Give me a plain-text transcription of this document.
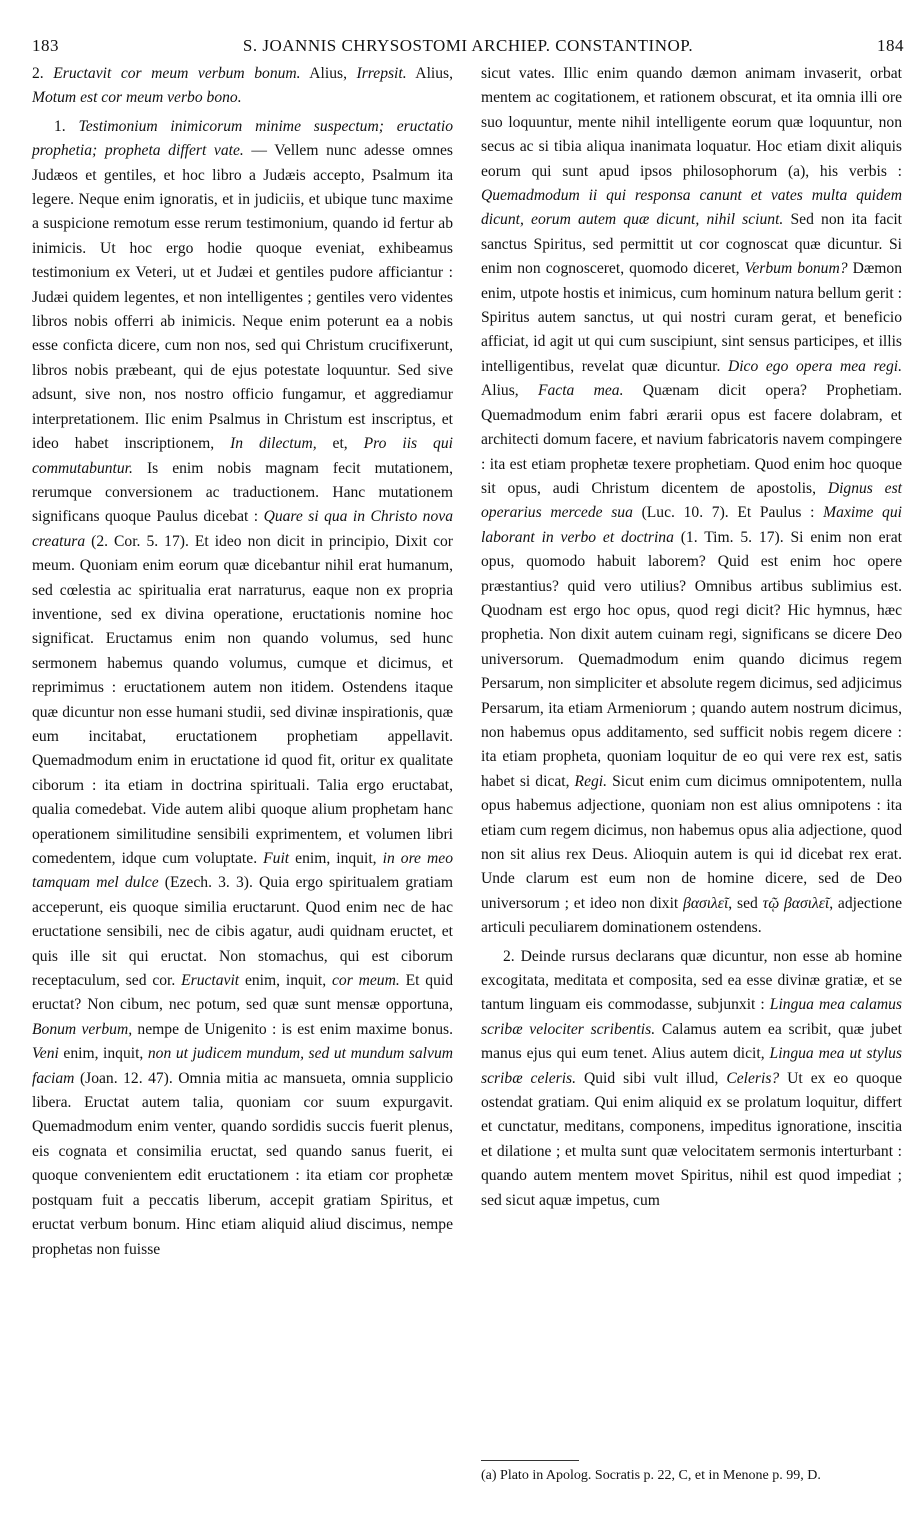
183	S. JOANNIS CHRYSOSTOMI ARCHIEP. CONSTANTINOP.	184

2. Eructavit cor meum verbum bonum. Alius, Irrepsit. Alius, Motum est cor meum verbo bono.

1. Testimonium inimicorum minime suspectum; eructatio prophetia; propheta differt vate. — Vellem nunc adesse omnes Judæos et gentiles, et hoc libro a Judæis accepto, Psalmum ita legere. Neque enim ignoratis, et in judiciis, et ubique tunc maxime a suspicione remotum esse rerum testimonium, quando id fertur ab inimicis. Ut hoc ergo hodie quoque eveniat, exhibeamus testimonium ex Veteri, ut et Judæi et gentiles pudore afficiantur : Judæi quidem legentes, et non intelligentes ; gentiles vero videntes libros nobis offerri ab inimicis. Neque enim poterunt ea a nobis esse conficta dicere, cum non nos, sed qui Christum crucifixerunt, libros nobis præbeant, qui de ejus potestate loquuntur. Sed sive adsunt, sive non, nos nostro officio fungamur, et aggrediamur interpretationem. Ilic enim Psalmus in Christum est inscriptus, et ideo habet inscriptionem, In dilectum, et, Pro iis qui commutabuntur. Is enim nobis magnam fecit mutationem, rerumque conversionem ac traductionem. Hanc mutationem significans quoque Paulus dicebat : Quare si qua in Christo nova creatura (2. Cor. 5. 17). Et ideo non dicit in principio, Dixit cor meum. Quoniam enim eorum quæ dicebantur nihil erat humanum, sed cœlestia ac spiritualia erat narraturus, eaque non ex propria inventione, sed ex divina operatione, eructationis nomine hoc significat. Eructamus enim non quando volumus, sed hunc sermonem habemus quando volumus, cumque et dicimus, et reprimimus : eructationem autem non itidem. Ostendens itaque quæ dicuntur non esse humani studii, sed divinæ inspirationis, quæ eum incitabat, eructationem prophetiam appellavit. Quemadmodum enim in eructatione id quod fit, oritur ex qualitate ciborum : ita etiam in doctrina spirituali. Talia ergo eructabat, qualia comedebat. Vide autem alibi quoque alium prophetam hanc operationem similitudine sensibili exprimentem, et volumen libri comedentem, idque cum voluptate. Fuit enim, inquit, in ore meo tamquam mel dulce (Ezech. 3. 3). Quia ergo spiritualem gratiam acceperunt, eis quoque similia eructarunt. Quod enim nec de hac eructatione sensibili, nec de cibis agatur, audi quidnam eructet, et quis ille sit qui eructat. Non stomachus, qui est ciborum receptaculum, sed cor. Eructavit enim, inquit, cor meum. Et quid eructat? Non cibum, nec potum, sed quæ sunt mensæ opportuna, Bonum verbum, nempe de Unigenito : is est enim maxime bonus. Veni enim, inquit, non ut judicem mundum, sed ut mundum salvum faciam (Joan. 12. 47). Omnia mitia ac mansueta, omnia supplicio libera. Eructat autem talia, quoniam cor suum expurgavit. Quemadmodum enim venter, quando sordidis succis fuerit plenus, eis cognata et consimilia eructat, sed quando sanus fuerit, ei quoque convenientem edit eructationem : ita etiam cor prophetæ postquam fuit a peccatis liberum, accepit gratiam Spiritus, et eructat verbum bonum. Hinc etiam aliquid aliud discimus, nempe prophetas non fuisse

sicut vates. Illic enim quando dæmon animam invaserit, orbat mentem ac cogitationem, et rationem obscurat, et ita omnia illi ore suo loquuntur, mente nihil intelligente eorum quæ loquuntur, non secus ac si tibia aliqua inanimata loquatur. Hoc etiam dixit aliquis eorum qui sunt apud ipsos philosophorum (a), his verbis : Quemadmodum ii qui responsa canunt et vates multa quidem dicunt, eorum autem quæ dicunt, nihil sciunt. Sed non ita facit sanctus Spiritus, sed permittit ut cor cognoscat quæ dicuntur. Si enim non cognosceret, quomodo diceret, Verbum bonum? Dæmon enim, utpote hostis et inimicus, cum hominum natura bellum gerit : Spiritus autem sanctus, ut qui nostri curam gerat, et beneficio afficiat, id agit ut qui cum suscipiunt, sint sensus participes, et illis intelligentibus, revelat quæ dicuntur. Dico ego opera mea regi. Alius, Facta mea. Quænam dicit opera? Prophetiam. Quemadmodum enim fabri ærarii opus est facere dolabram, et architecti domum facere, et navium fabricatoris navem compingere : ita est etiam prophetæ texere prophetiam. Quod enim hoc quoque sit opus, audi Christum dicentem de apostolis, Dignus est operarius mercede sua (Luc. 10. 7). Et Paulus : Maxime qui laborant in verbo et doctrina (1. Tim. 5. 17). Si enim non erat opus, quomodo habuit laborem? Quid est enim hoc opere præstantius? quid vero utilius? Omnibus artibus sublimius est. Quodnam est ergo hoc opus, quod regi dicit? Hic hymnus, hæc prophetia. Non dixit autem cuinam regi, significans se dicere Deo universorum. Quemadmodum enim quando dicimus regem Persarum, non simpliciter et absolute regem dicimus, sed adjicimus Persarum, ita etiam Armeniorum ; quando autem nostrum dicimus, non habemus opus additamento, sed sufficit nobis regem dicere : ita etiam propheta, quoniam loquitur de eo qui vere rex est, satis habet si dicat, Regi. Sicut enim cum dicimus omnipotentem, nulla opus habemus adjectione, quoniam non est alius omnipotens : ita etiam cum regem dicimus, non habemus opus alia adjectione, quod non sit alius rex Deus. Alioquin autem is qui id dicebat rex erat. Unde clarum est eum non de homine dicere, sed de Deo universorum ; et ideo non dixit βασιλεῖ, sed τῷ βασιλεῖ, adjectione articuli peculiarem dominationem ostendens.

2. Deinde rursus declarans quæ dicuntur, non esse ab homine excogitata, meditata et composita, sed ea esse divinæ gratiæ, et se tantum linguam eis commodasse, subjunxit : Lingua mea calamus scribæ velociter scribentis. Calamus autem ea scribit, quæ jubet manus ejus qui eum tenet. Alius autem dicit, Lingua mea ut stylus scribæ celeris. Quid sibi vult illud, Celeris? Ut ex eo quoque ostendat gratiam. Qui enim aliquid ex se prolatum loquitur, differt et cunctatur, meditans, componens, impeditus ignoratione, inscitia et dilatione ; et multa sunt quæ velocitatem sermonis interturbant : quando autem mentem movet Spiritus, nihil est quod impediat ; sed sicut aquæ impetus, cum

(a) Plato in Apolog. Socratis p. 22, C, et in Menone p. 99, D.
